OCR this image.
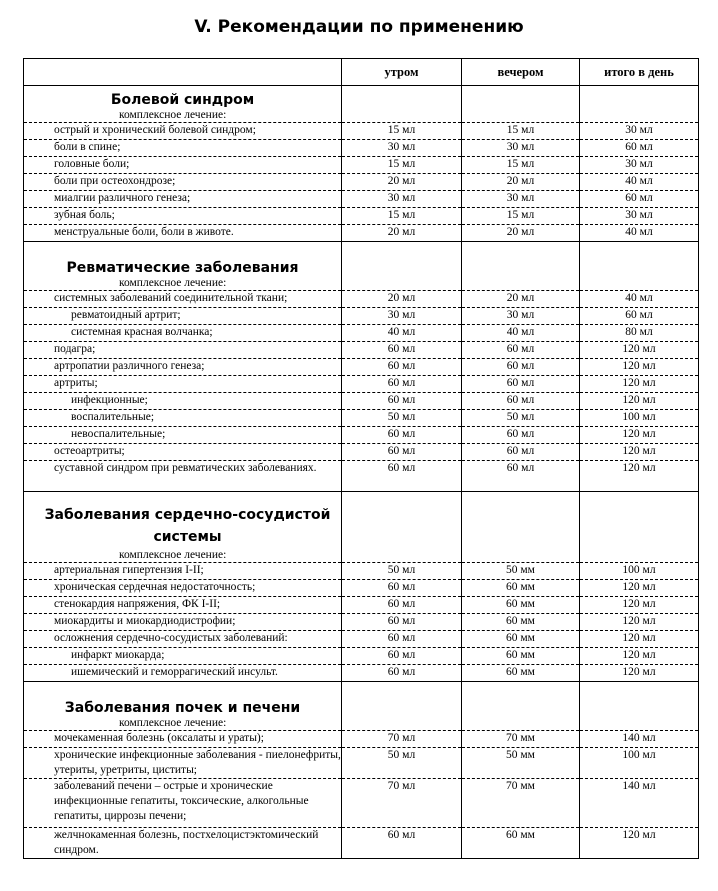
V. Рекомендации по применению
	утром	вечером	итого в день

Болевой синдром			

комплексное лечение:			

острый и хронический болевой синдром;	15 мл	15 мл	30 мл
боли в спине;	30 мл	30 мл	60 мл
головные боли;	15 мл	15 мл	30 мл
боли при остеохондрозе;	20 мл	20 мл	40 мл
миалгии различного генеза;	30 мл	30 мл	60 мл
зубная боль;	15 мл	15 мл	30 мл
менструальные боли, боли в животе.	20 мл	20 мл	40 мл

Ревматические заболевания			

комплексное лечение:			

системных заболеваний соединительной ткани;	20 мл	20 мл	40 мл
ревматоидный артрит;	30 мл	30 мл	60 мл
системная красная волчанка;	40 мл	40 мл	80 мл
подагра;	60 мл	60 мл	120 мл
артропатии различного генеза;	60 мл	60 мл	120 мл
артриты;	60 мл	60 мл	120 мл
инфекционные;	60 мл	60 мл	120 мл
воспалительные;	50 мл	50 мл	100 мл
невоспалительные;	60 мл	60 мл	120 мл
остеоартриты;	60 мл	60 мл	120 мл
суставной синдром при ревматических заболеваниях.	60 мл	60 мл	120 мл

Заболевания сердечно-сосудистой системы			

комплексное лечение:			

артериальная гипертензия I-II;	50 мл	50 мм	100 мл
хроническая сердечная недостаточность;	60 мл	60 мм	120 мл
стенокардия напряжения, ФК I-II;	60 мл	60 мм	120 мл
миокардиты и миокардиодистрофии;	60 мл	60 мм	120 мл
осложнения сердечно-сосудистых заболеваний:	60 мл	60 мм	120 мл
инфаркт миокарда;	60 мл	60 мм	120 мл
ишемический и геморрагический инсульт.	60 мл	60 мм	120 мл

Заболевания почек и печени			

комплексное лечение:			

мочекаменная болезнь (оксалаты и ураты);	70 мл	70 мм	140 мл
хронические инфекционные заболевания - пиелонефриты, утериты, уретриты, циститы;	50 мл	50 мм	100 мл
заболеваний печени – острые и хронические инфекционные гепатиты, токсические, алкогольные гепатиты, циррозы печени;	70 мл	70 мм	140 мл
желчнокаменная болезнь, постхелоцистэктомический синдром.	60 мл	60 мм	120 мл
